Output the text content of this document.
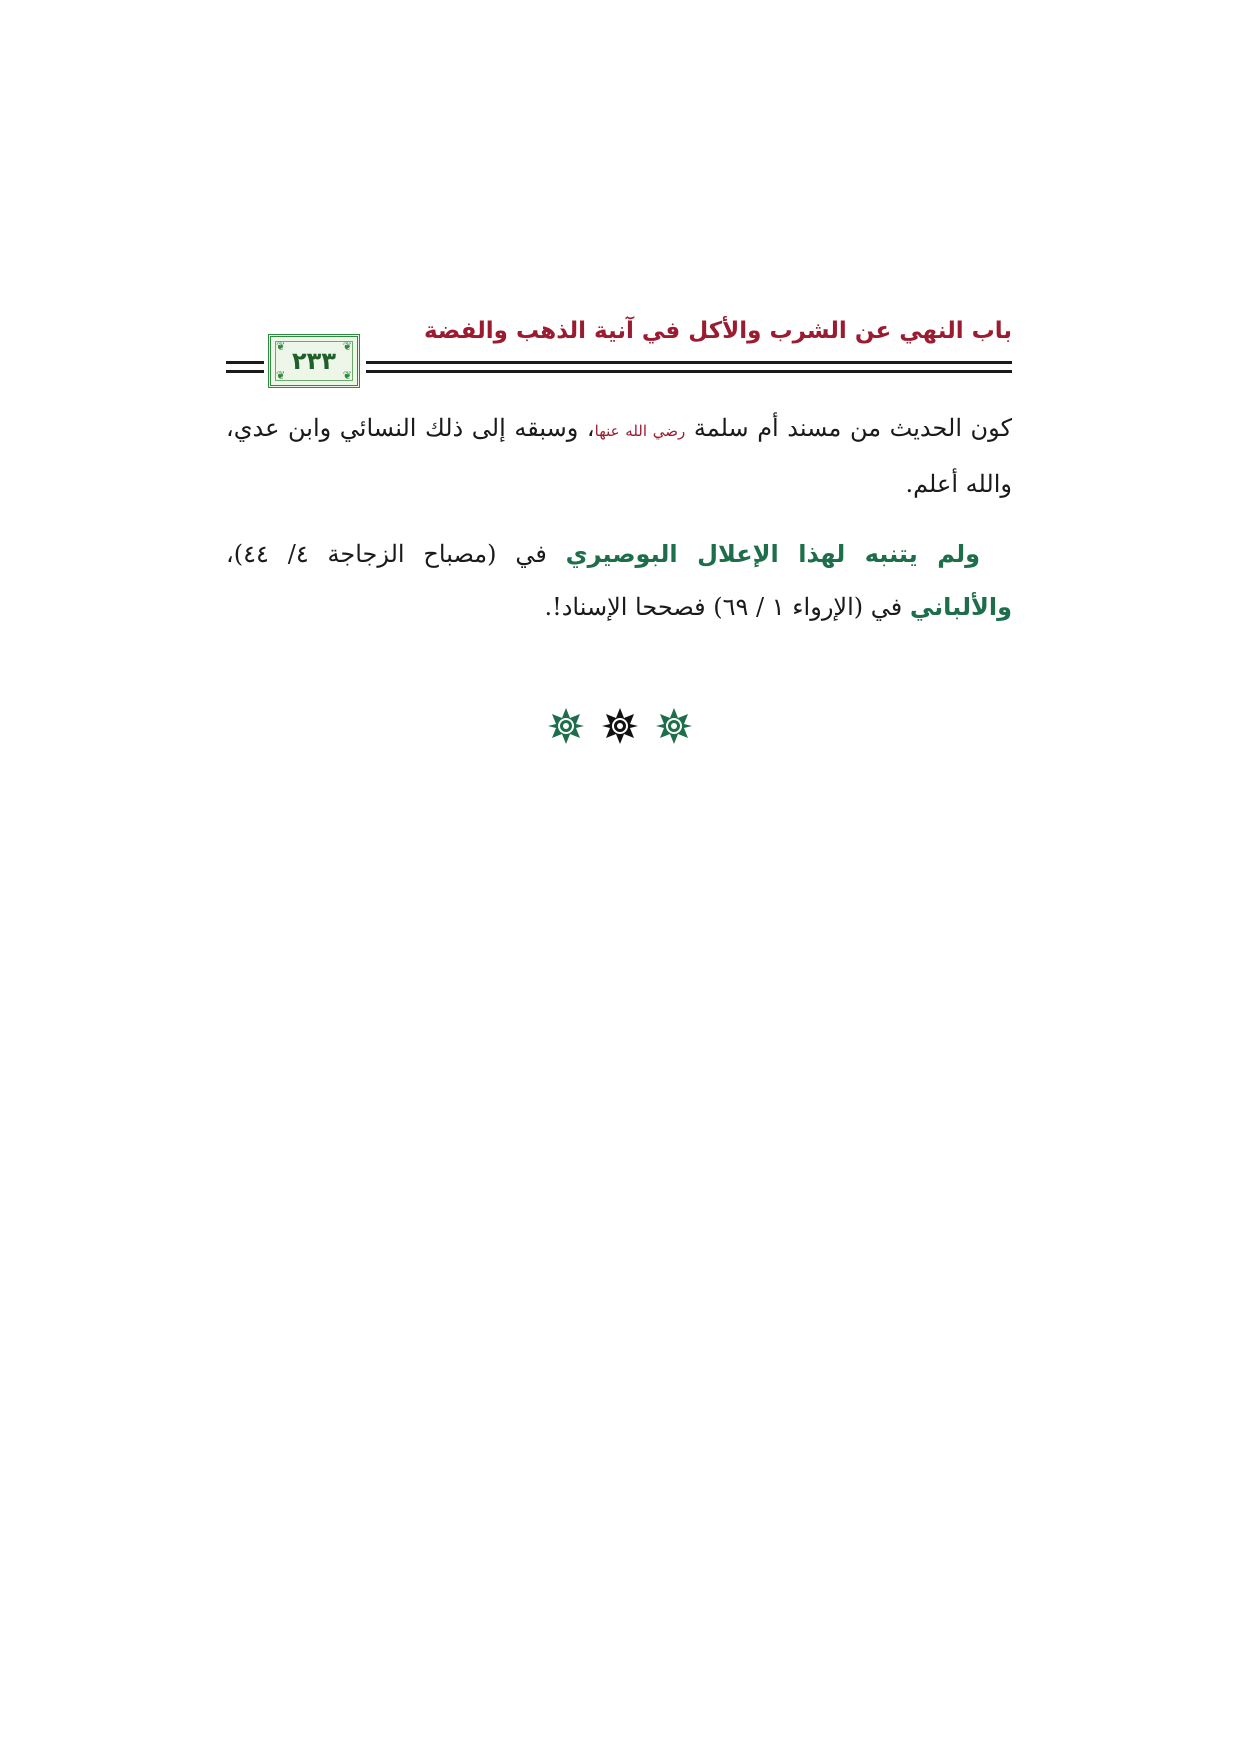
باب النهي عن الشرب والأكل في آنية الذهب والفضة
❦	❦
❦	❦
٢٣٣
كون الحديث من مسند أم سلمة رضي الله عنها، وسبقه إلى ذلك النسائي وابن عدي، والله أعلم.
ولم يتنبه لهذا الإعلال البوصيري في (مصباح الزجاجة ٤/ ٤٤)، والألباني في (الإرواء ١ / ٦٩) فصححا الإسناد!.
